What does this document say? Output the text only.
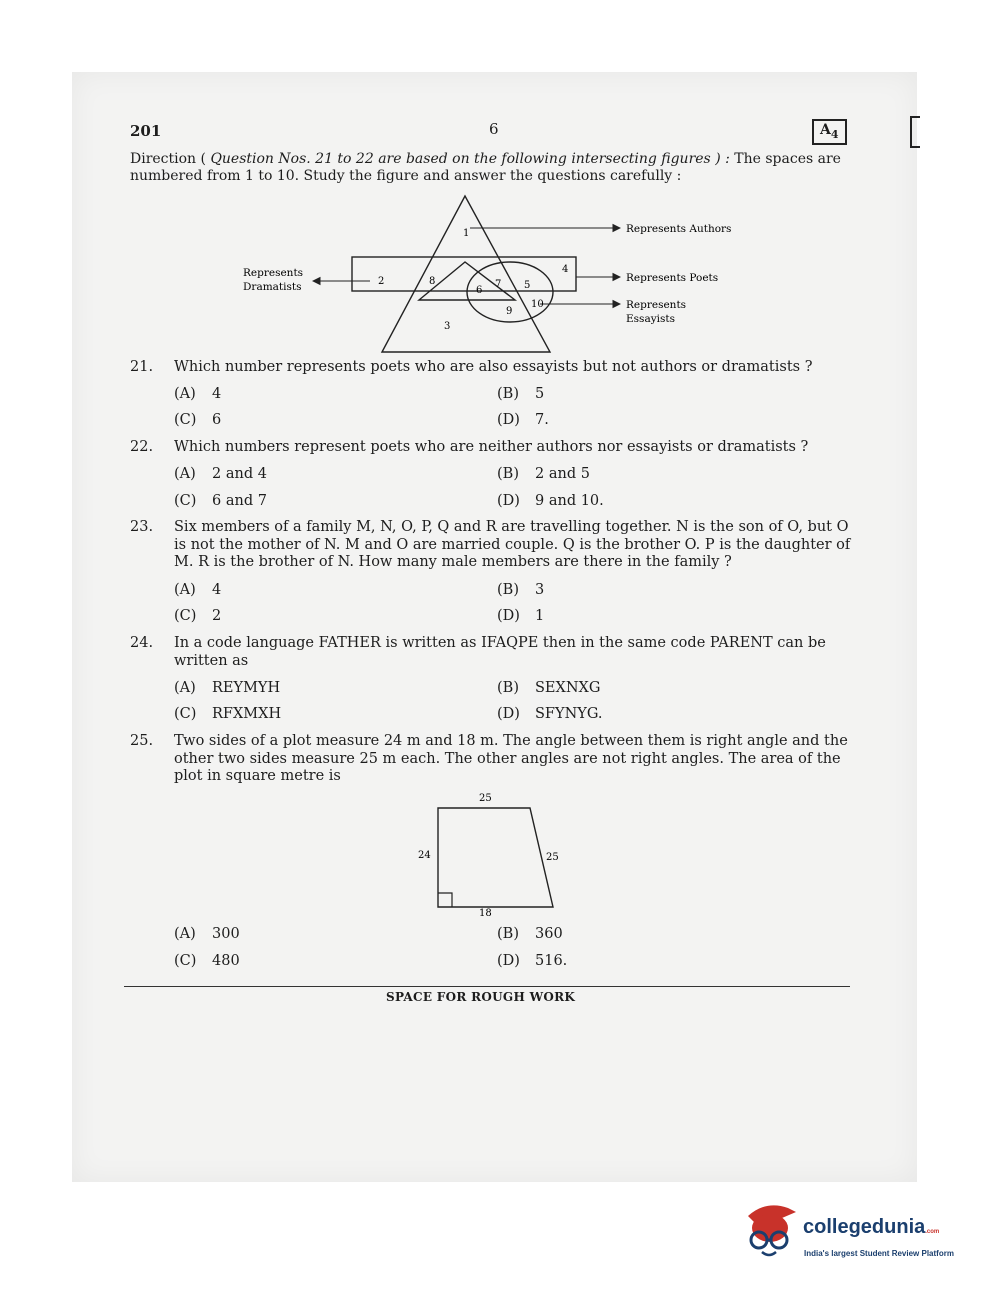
201	6	$A_4$
Direction ( Question Nos. 21 to 22 are based on the following intersecting figures ) : The spaces are numbered from 1 to 10. Study the figure and answer the questions carefully :
1
2
3
4
5
6
7
8
9
10
Represents Authors
Represents
Dramatists
Represents Poets
Represents
Essayists
25
24	25
18
21. Which number represents poets who are also essayists but not authors or dramatists ?
(A) 4	(B) 5
(C) 6	(D) 7.
22. Which numbers represent poets who are neither authors nor essayists or dramatists ?
(A) 2 and 4	(B) 2 and 5
(C) 6 and 7	(D) 9 and 10.
23. Six members of a family M, N, O, P, Q and R are travelling together. N is the son of O, but O is not the mother of N. M and O are married couple. Q is the brother O. P is the daughter of M. R is the brother of N. How many male members are there in the family ?
(A) 4	(B) 3
(C) 2	(D) 1
24. In a code language FATHER is written as IFAQPE then in the same code PARENT can be written as
(A) REYMYH	(B) SEXNXG
(C) RFXMXH	(D) SFYNYG.
25. Two sides of a plot measure 24 m and 18 m. The angle between them is right angle and the other two sides measure 25 m each. The other angles are not right angles. The area of the plot in square metre is
(A) 300	(B) 360
(C) 480	(D) 516.
SPACE FOR ROUGH WORK
collegedunia.com
India's largest Student Review Platform
